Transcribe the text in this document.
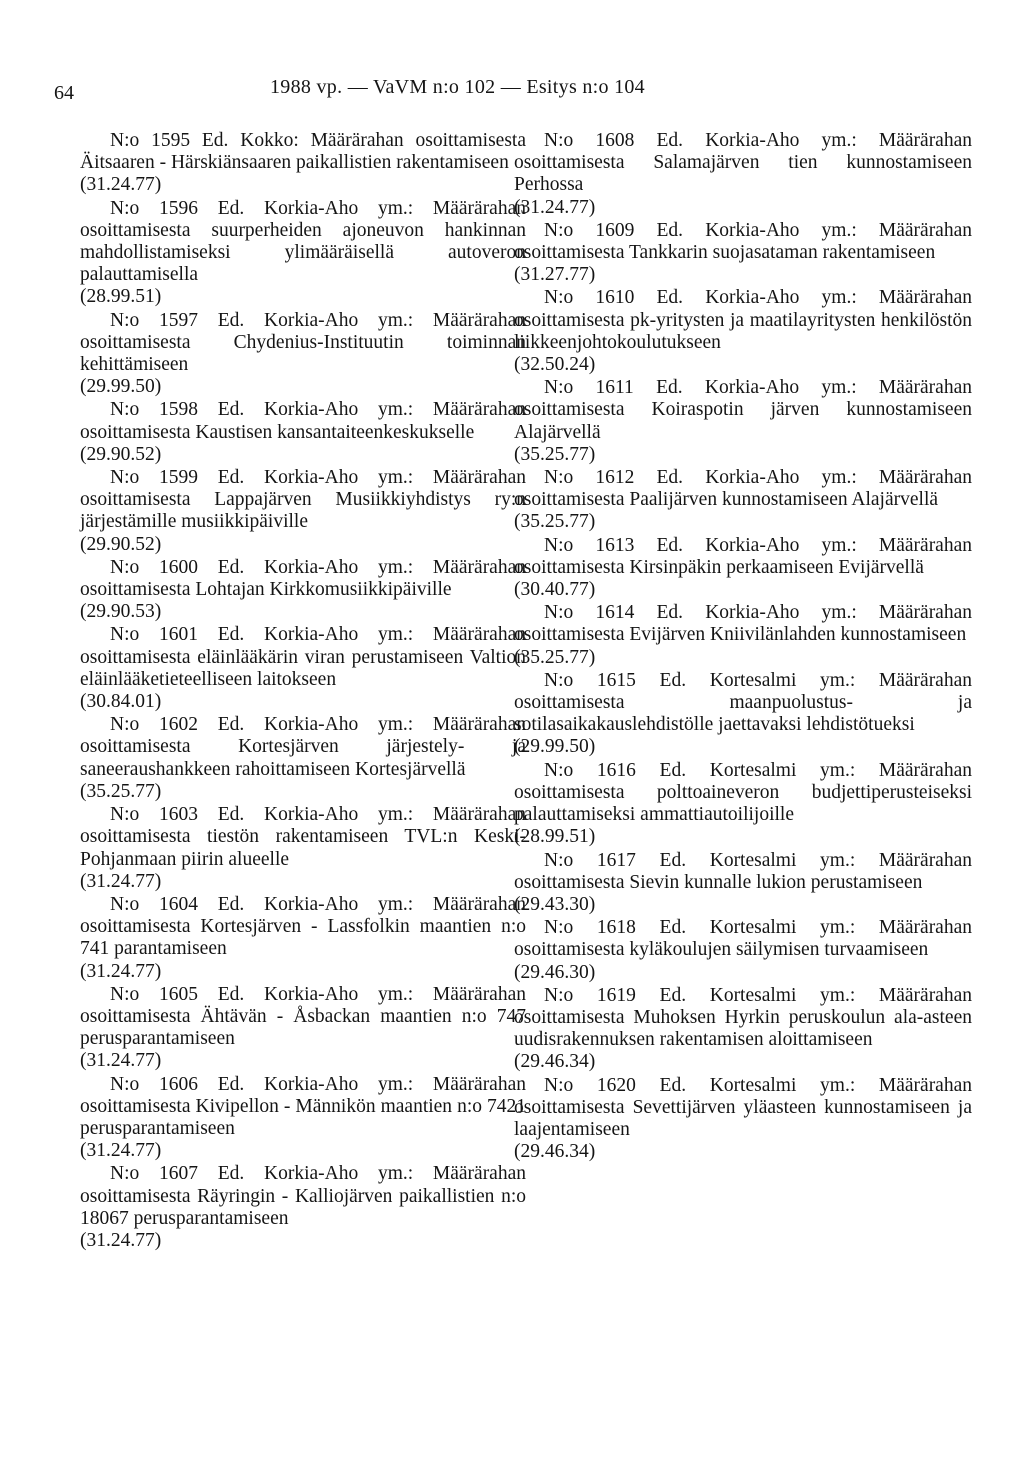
64	1988 vp. — VaVM n:o 102 — Esitys n:o 104

N:o 1595 Ed. Kokko: Määrärahan osoittamisesta Äitsaaren - Härskiänsaaren paikallistien rakentamiseen

(31.24.77)

N:o 1596 Ed. Korkia-Aho ym.: Määrärahan osoittamisesta suurperheiden ajoneuvon hankinnan mahdollistamiseksi ylimääräisellä autoveron palauttamisella

(28.99.51)

N:o 1597 Ed. Korkia-Aho ym.: Määrärahan osoittamisesta Chydenius-Instituutin toiminnan kehittämiseen

(29.99.50)

N:o 1598 Ed. Korkia-Aho ym.: Määrärahan osoittamisesta Kaustisen kansantaiteenkeskukselle

(29.90.52)

N:o 1599 Ed. Korkia-Aho ym.: Määrärahan osoittamisesta Lappajärven Musiikkiyhdistys ry:n järjestämille musiikkipäiville

(29.90.52)

N:o 1600 Ed. Korkia-Aho ym.: Määrärahan osoittamisesta Lohtajan Kirkkomusiikkipäiville

(29.90.53)

N:o 1601 Ed. Korkia-Aho ym.: Määrärahan osoittamisesta eläinlääkärin viran perustamiseen Valtion eläinlääketieteelliseen laitokseen

(30.84.01)

N:o 1602 Ed. Korkia-Aho ym.: Määrärahan osoittamisesta Kortesjärven järjestely- ja saneeraushankkeen rahoittamiseen Kortesjärvellä

(35.25.77)

N:o 1603 Ed. Korkia-Aho ym.: Määrärahan osoittamisesta tiestön rakentamiseen TVL:n Keski-Pohjanmaan piirin alueelle

(31.24.77)

N:o 1604 Ed. Korkia-Aho ym.: Määrärahan osoittamisesta Kortesjärven - Lassfolkin maantien n:o 741 parantamiseen

(31.24.77)

N:o 1605 Ed. Korkia-Aho ym.: Määrärahan osoittamisesta Ähtävän - Åsbackan maantien n:o 747 perusparantamiseen

(31.24.77)

N:o 1606 Ed. Korkia-Aho ym.: Määrärahan osoittamisesta Kivipellon - Männikön maantien n:o 7421 perusparantamiseen

(31.24.77)

N:o 1607 Ed. Korkia-Aho ym.: Määrärahan osoittamisesta Räyringin - Kalliojärven paikallistien n:o 18067 perusparantamiseen

(31.24.77)

N:o 1608 Ed. Korkia-Aho ym.: Määrärahan osoittamisesta Salamajärven tien kunnostamiseen Perhossa

(31.24.77)

N:o 1609 Ed. Korkia-Aho ym.: Määrärahan osoittamisesta Tankkarin suojasataman rakentamiseen

(31.27.77)

N:o 1610 Ed. Korkia-Aho ym.: Määrärahan osoittamisesta pk-yritysten ja maatilayritysten henkilöstön liikkeenjohtokoulutukseen

(32.50.24)

N:o 1611 Ed. Korkia-Aho ym.: Määrärahan osoittamisesta Koiraspotin järven kunnostamiseen Alajärvellä

(35.25.77)

N:o 1612 Ed. Korkia-Aho ym.: Määrärahan osoittamisesta Paalijärven kunnostamiseen Alajärvellä

(35.25.77)

N:o 1613 Ed. Korkia-Aho ym.: Määrärahan osoittamisesta Kirsinpäkin perkaamiseen Evijärvellä

(30.40.77)

N:o 1614 Ed. Korkia-Aho ym.: Määrärahan osoittamisesta Evijärven Kniivilänlahden kunnostamiseen

(35.25.77)

N:o 1615 Ed. Kortesalmi ym.: Määrärahan osoittamisesta maanpuolustus- ja sotilasaikakauslehdistölle jaettavaksi lehdistötueksi

(29.99.50)

N:o 1616 Ed. Kortesalmi ym.: Määrärahan osoittamisesta polttoaineveron budjettiperusteiseksi palauttamiseksi ammattiautoilijoille

(28.99.51)

N:o 1617 Ed. Kortesalmi ym.: Määrärahan osoittamisesta Sievin kunnalle lukion perustamiseen

(29.43.30)

N:o 1618 Ed. Kortesalmi ym.: Määrärahan osoittamisesta kyläkoulujen säilymisen turvaamiseen

(29.46.30)

N:o 1619 Ed. Kortesalmi ym.: Määrärahan osoittamisesta Muhoksen Hyrkin peruskoulun ala-asteen uudisrakennuksen rakentamisen aloittamiseen

(29.46.34)

N:o 1620 Ed. Kortesalmi ym.: Määrärahan osoittamisesta Sevettijärven yläasteen kunnostamiseen ja laajentamiseen

(29.46.34)
